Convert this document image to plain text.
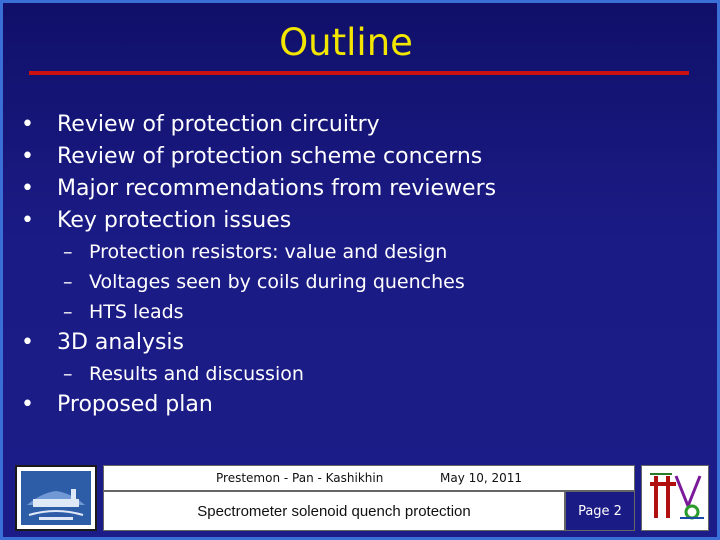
Outline
•	Review of protection circuitry
•	Review of protection scheme concerns
•	Major recommendations from reviewers
•	Key protection issues
– Protection resistors: value and design
– Voltages seen by coils during quenches
– HTS leads
•	3D analysis
– Results and discussion
•	Proposed plan
Prestemon - Pan - Kashikhin	May 10, 2011
Spectrometer solenoid quench protection	Page 2
